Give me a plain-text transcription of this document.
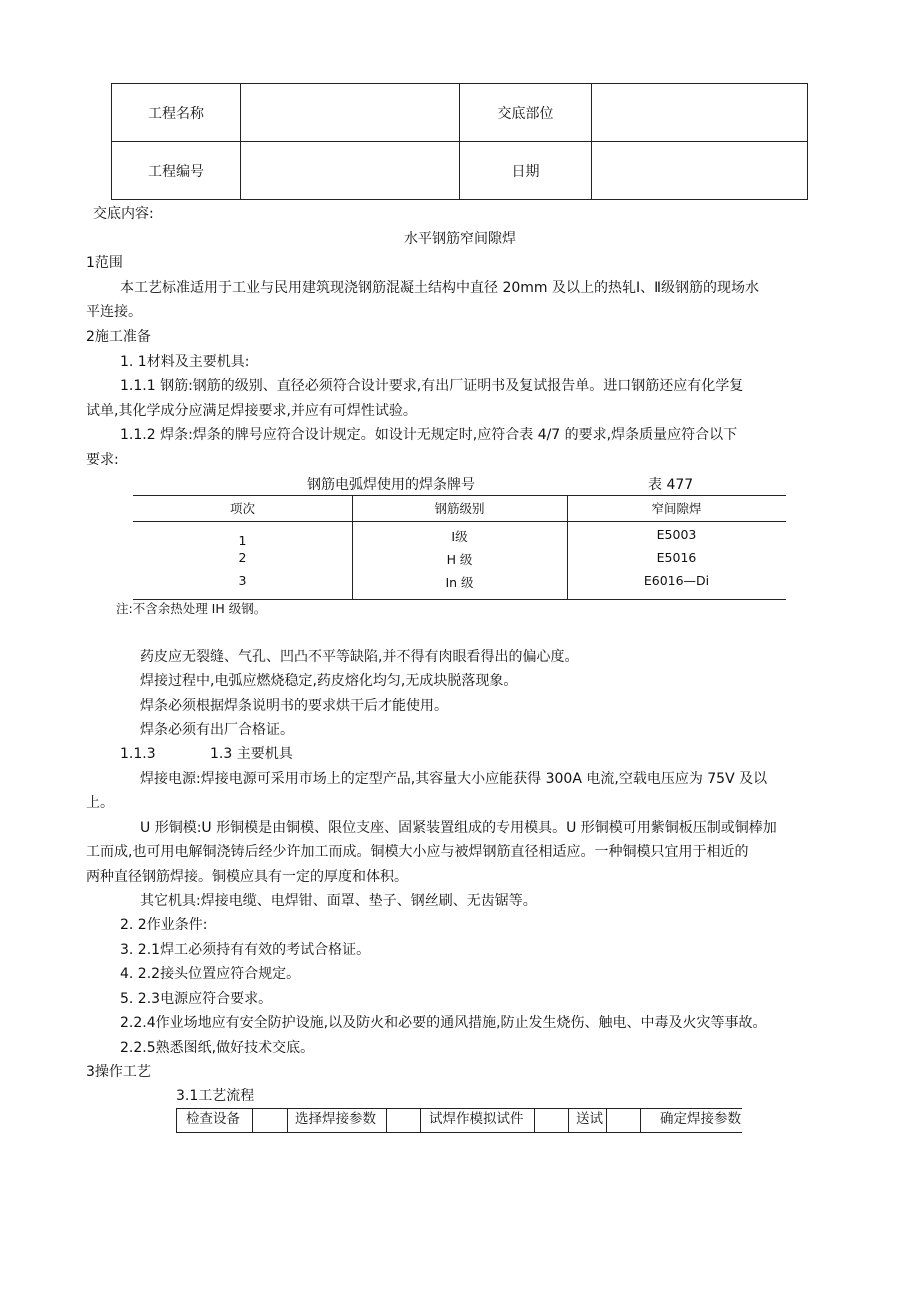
工程名称		交底部位	
工程编号		日期	
交底内容:
水平钢筋窄间隙焊
1范围
本工艺标准适用于工业与民用建筑现浇钢筋混凝土结构中直径 20mm 及以上的热轧Ⅰ、Ⅱ级钢筋的现场水
平连接。
2施工准备
1. 1材料及主要机具:
1.1.1 钢筋:钢筋的级别、直径必须符合设计要求,有出厂证明书及复试报告单。进口钢筋还应有化学复
试单,其化学成分应满足焊接要求,并应有可焊性试验。
1.1.2 焊条:焊条的牌号应符合设计规定。如设计无规定时,应符合表 4/7 的要求,焊条质量应符合以下
要求:
钢筋电弧焊使用的焊条牌号	表 477
项次	钢筋级别	窄间隙焊
1	Ⅰ级	E5003
2	H 级	E5016
3	In 级	E6016—Di
注:不含余热处理 IH 级钢。
药皮应无裂缝、气孔、凹凸不平等缺陷,并不得有肉眼看得出的偏心度。
焊接过程中,电弧应燃烧稳定,药皮熔化均匀,无成块脱落现象。
焊条必须根据焊条说明书的要求烘干后才能使用。
焊条必须有出厂合格证。
1.1.3	1.3 主要机具
焊接电源:焊接电源可采用市场上的定型产品,其容量大小应能获得 300A 电流,空载电压应为 75V 及以
上。
U 形铜模:U 形铜模是由铜模、限位支座、固紧装置组成的专用模具。U 形铜模可用紫铜板压制或铜棒加
工而成,也可用电解铜浇铸后经少许加工而成。铜模大小应与被焊钢筋直径相适应。一种铜模只宜用于相近的
两种直径钢筋焊接。铜模应具有一定的厚度和体积。
其它机具:焊接电缆、电焊钳、面罩、垫子、钢丝刷、无齿锯等。
2. 2作业条件:
3. 2.1焊工必须持有有效的考试合格证。
4. 2.2接头位置应符合规定。
5. 2.3电源应符合要求。
2.2.4作业场地应有安全防护设施,以及防火和必要的通风措施,防止发生烧伤、触电、中毒及火灾等事故。
2.2.5熟悉图纸,做好技术交底。
3操作工艺
3.1工艺流程
检查设备	选择焊接参数	试焊作模拟试件	送试	确定焊接参数
